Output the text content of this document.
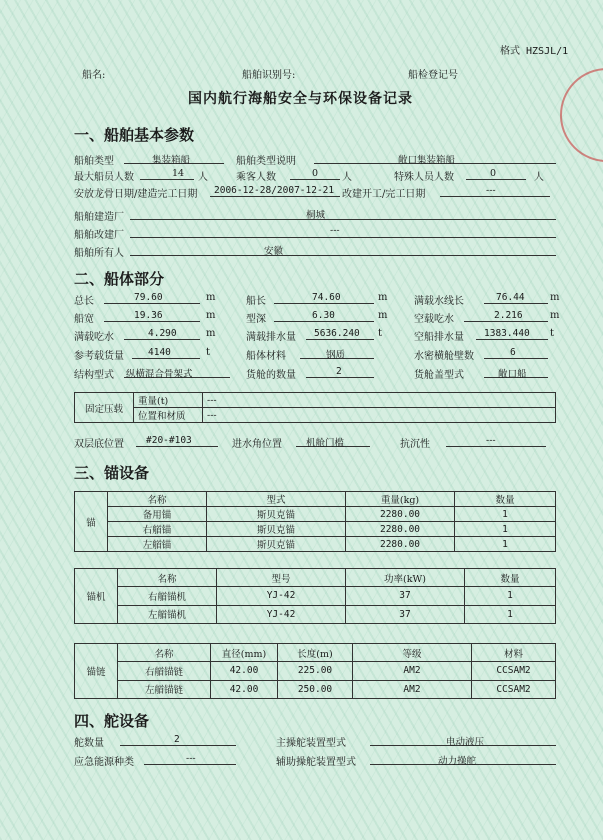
格式 HZSJL/1
船名:	船舶识别号:	船检登记号
国内航行海船安全与环保设备记录
一、船舶基本参数
船舶类型	集装箱船	船舶类型说明	敞口集装箱船
最大船员人数	14 人	乘客人数	0 人	特殊人员人数	0	人
安放龙骨日期/建造完工日期 2006-12-28/2007-12-21 改建开工/完工日期	---
船舶建造厂	桐城
船舶改建厂	---
船舶所有人	安徽
二、船体部分
总长	79.60	m	船长	74.60	m	满载水线长	76.44	m
船宽	19.36	m	型深	6.30	m	空载吃水	2.216	m
满载吃水	4.290	m	满载排水量 5636.240 t	空船排水量 1383.440 t
参考载货量	4140	t	船体材料	钢质	水密横舱壁数	6
结构型式 纵横混合骨架式	货舱的数量	2	货舱盖型式	敞口船
固定压载	重量(t)	---
	位置和材质	---
双层底位置 #20-#103	进水角位置	机舱门槛	抗沉性	---
三、锚设备
锚	名称	型式	重量(kg)	数量
	备用锚	斯贝克锚	2280.00	1
	右艏锚	斯贝克锚	2280.00	1
	左艏锚	斯贝克锚	2280.00	1
锚机	名称	型号	功率(kW)	数量
	右艏锚机	YJ-42	37	1
	左艏锚机	YJ-42	37	1
锚链	名称	直径(mm)	长度(m)	等级	材料
	右艏锚链	42.00	225.00	AM2	CCSAM2
	左艏锚链	42.00	250.00	AM2	CCSAM2
四、舵设备
舵数量	2	主操舵装置型式	电动液压
应急能源种类	---	辅助操舵装置型式	动力操舵
